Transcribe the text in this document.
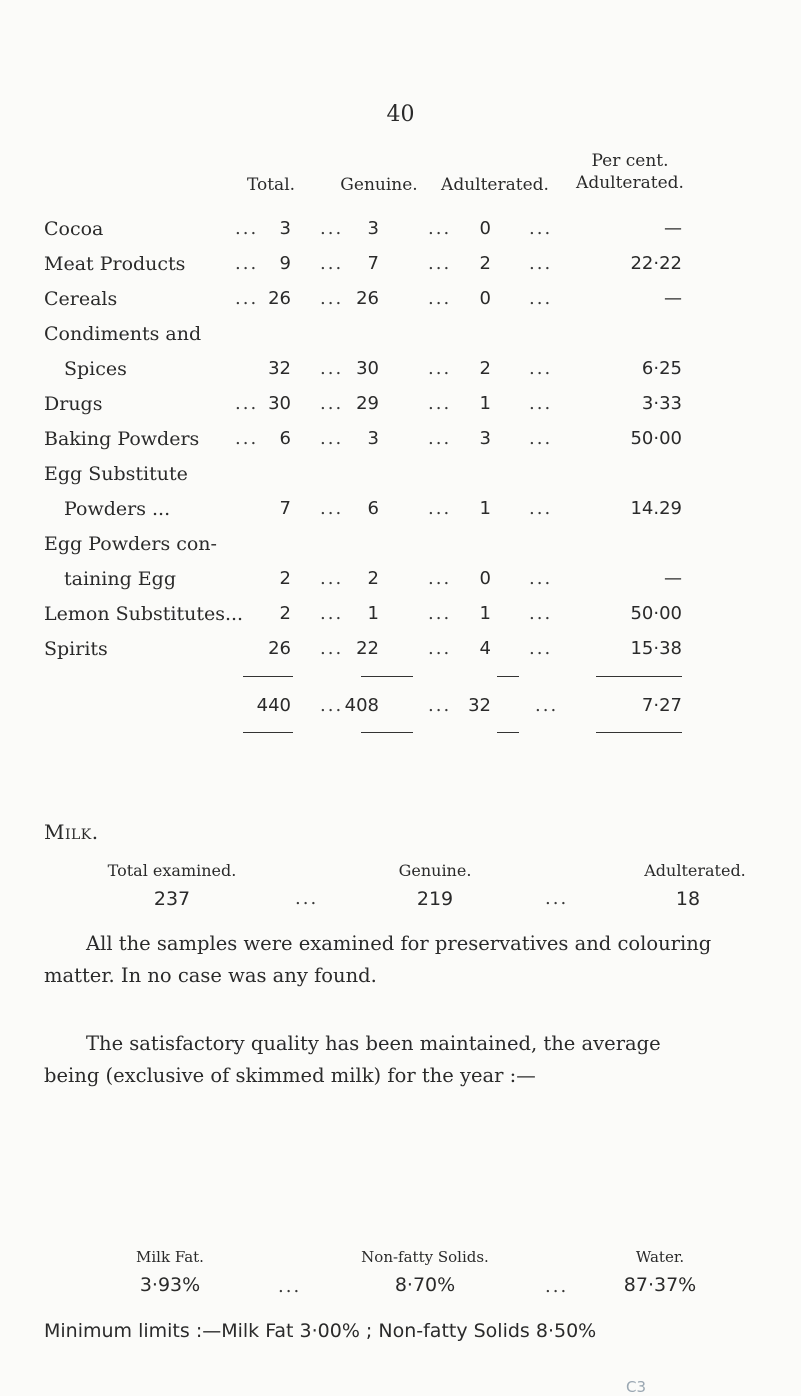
40
Total.	Genuine.	Adulterated.
Per cent.
Adulterated.
Cocoa	3 ... 3	... 0 ...	—
...
Meat Products	9 ... 7	... 2 ...	22·22
...
Cereals	26 ... 26	... 0 ...	—
...
Condiments and
Spices	32 ... 30	... 2 ...	6·25
Drugs	30 ... 29	... 1 ...	3·33
...
Baking Powders	6 ... 3	... 3 ...	50·00
...
Egg Substitute
Powders ...	7 ... 6	... 1 ...	14.29
Egg Powders con-
taining Egg	2 ... 2	... 0 ...	—
Lemon Substitutes... 2 ... 1	... 1 ...	50·00
Spirits	26 ... 22	... 4 ...	15·38
440 ... 408	... 32 ...	7·27
Milk.
Total examined.	Genuine.	Adulterated.
237	...	219	...	18
All the samples were examined for preservatives and colouring
matter. In no case was any found.
The satisfactory quality has been maintained, the average
being (exclusive of skimmed milk) for the year :—
Milk Fat.	Non-fatty Solids.	Water.
3·93%	...	8·70%	...	87·37%
Minimum limits :—Milk Fat 3·00% ; Non-fatty Solids 8·50%
C3
